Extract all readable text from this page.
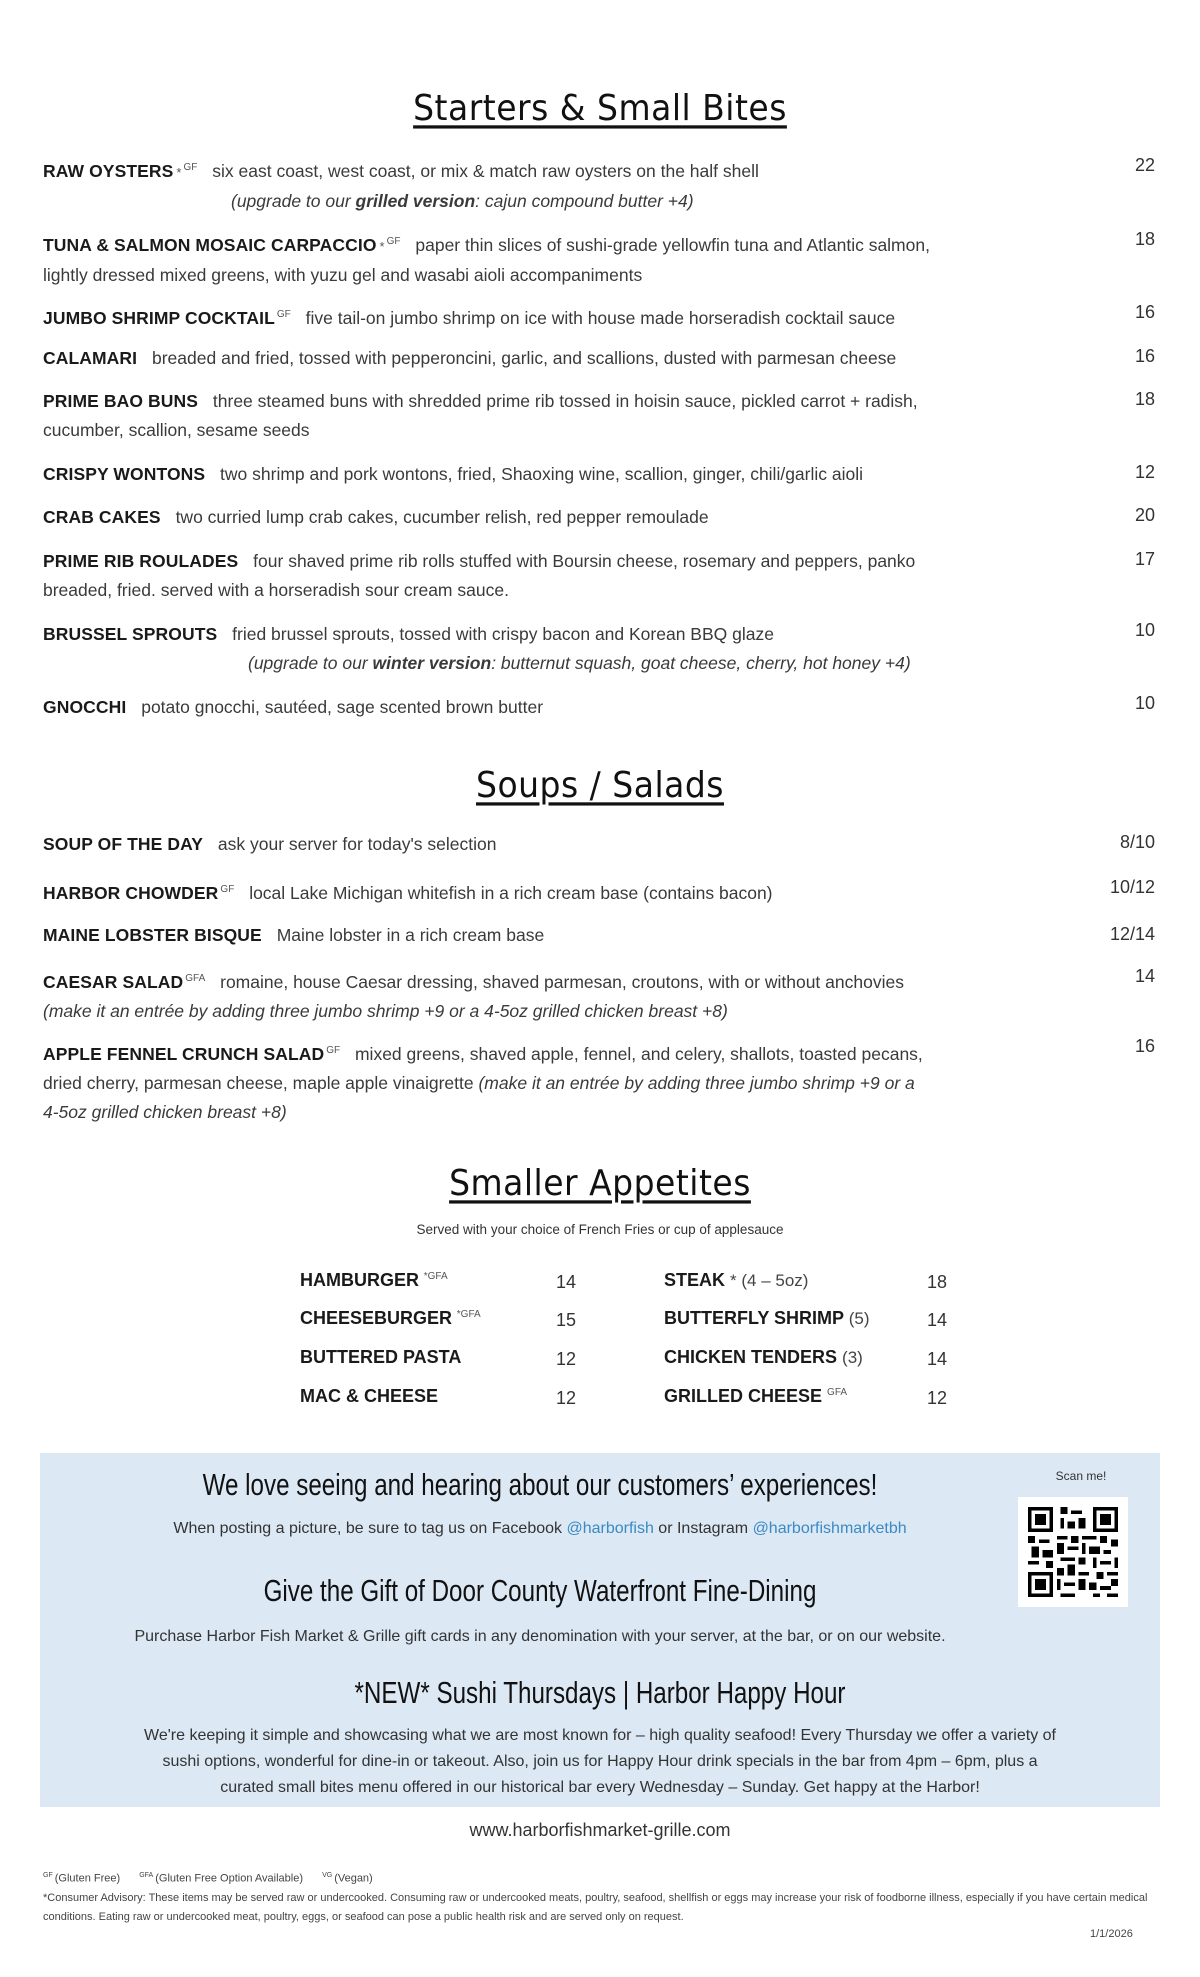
Starters & Small Bites
RAW OYSTERS * $^{GF}$ six east coast, west coast, or mix & match raw oysters on the half shell
(upgrade to our grilled version: cajun compound butter +4)
22
TUNA & SALMON MOSAIC CARPACCIO * $^{GF}$ paper thin slices of sushi-grade yellowfin tuna and Atlantic salmon,
lightly dressed mixed greens, with yuzu gel and wasabi aioli accompaniments
18
JUMBO SHRIMP COCKTAIL $^{GF}$ five tail-on jumbo shrimp on ice with house made horseradish cocktail sauce	16
CALAMARI breaded and fried, tossed with pepperoncini, garlic, and scallions, dusted with parmesan cheese	16
PRIME BAO BUNS three steamed buns with shredded prime rib tossed in hoisin sauce, pickled carrot + radish,
cucumber, scallion, sesame seeds
18
CRISPY WONTONS two shrimp and pork wontons, fried, Shaoxing wine, scallion, ginger, chili/garlic aioli	12
CRAB CAKES two curried lump crab cakes, cucumber relish, red pepper remoulade	20
PRIME RIB ROULADES four shaved prime rib rolls stuffed with Boursin cheese, rosemary and peppers, panko
breaded, fried. served with a horseradish sour cream sauce.
17
BRUSSEL SPROUTS fried brussel sprouts, tossed with crispy bacon and Korean BBQ glaze
(upgrade to our winter version: butternut squash, goat cheese, cherry, hot honey +4)
10
GNOCCHI potato gnocchi, sautéed, sage scented brown butter	10
Soups / Salads
SOUP OF THE DAY ask your server for today's selection	8/10
HARBOR CHOWDER $^{GF}$ local Lake Michigan whitefish in a rich cream base (contains bacon)	10/12
MAINE LOBSTER BISQUE Maine lobster in a rich cream base	12/14
CAESAR SALAD $^{GFA}$ romaine, house Caesar dressing, shaved parmesan, croutons, with or without anchovies
(make it an entrée by adding three jumbo shrimp +9 or a 4-5oz grilled chicken breast +8)
14
APPLE FENNEL CRUNCH SALAD $^{GF}$ mixed greens, shaved apple, fennel, and celery, shallots, toasted pecans,
dried cherry, parmesan cheese, maple apple vinaigrette (make it an entrée by adding three jumbo shrimp +9 or a
4-5oz grilled chicken breast +8)
16
Smaller Appetites
Served with your choice of French Fries or cup of applesauce
HAMBURGER $^{*GFA}$	14
CHEESEBURGER $^{*GFA}$	15
BUTTERED PASTA	12
MAC & CHEESE	12
STEAK * (4 – 5oz)	18
BUTTERFLY SHRIMP (5)	14
CHICKEN TENDERS (3)	14
GRILLED CHEESE $^{GFA}$	12
We love seeing and hearing about our customers’ experiences!
When posting a picture, be sure to tag us on Facebook @harborfish or Instagram @harborfishmarketbh
Scan me!
Give the Gift of Door County Waterfront Fine-Dining
Purchase Harbor Fish Market & Grille gift cards in any denomination with your server, at the bar, or on our website.
*NEW* Sushi Thursdays | Harbor Happy Hour
We're keeping it simple and showcasing what we are most known for – high quality seafood! Every Thursday we offer a variety of
sushi options, wonderful for dine-in or takeout. Also, join us for Happy Hour drink specials in the bar from 4pm – 6pm, plus a
curated small bites menu offered in our historical bar every Wednesday – Sunday. Get happy at the Harbor!
www.harborfishmarket-grille.com
$^{GF}$ (Gluten Free)	$^{GFA}$ (Gluten Free Option Available)	$^{VG}$ (Vegan)
*Consumer Advisory: These items may be served raw or undercooked. Consuming raw or undercooked meats, poultry, seafood, shellfish or eggs may increase your risk of foodborne illness, especially if you have certain medical conditions. Eating raw or undercooked meat, poultry, eggs, or seafood can pose a public health risk and are served only on request.
1/1/2026
